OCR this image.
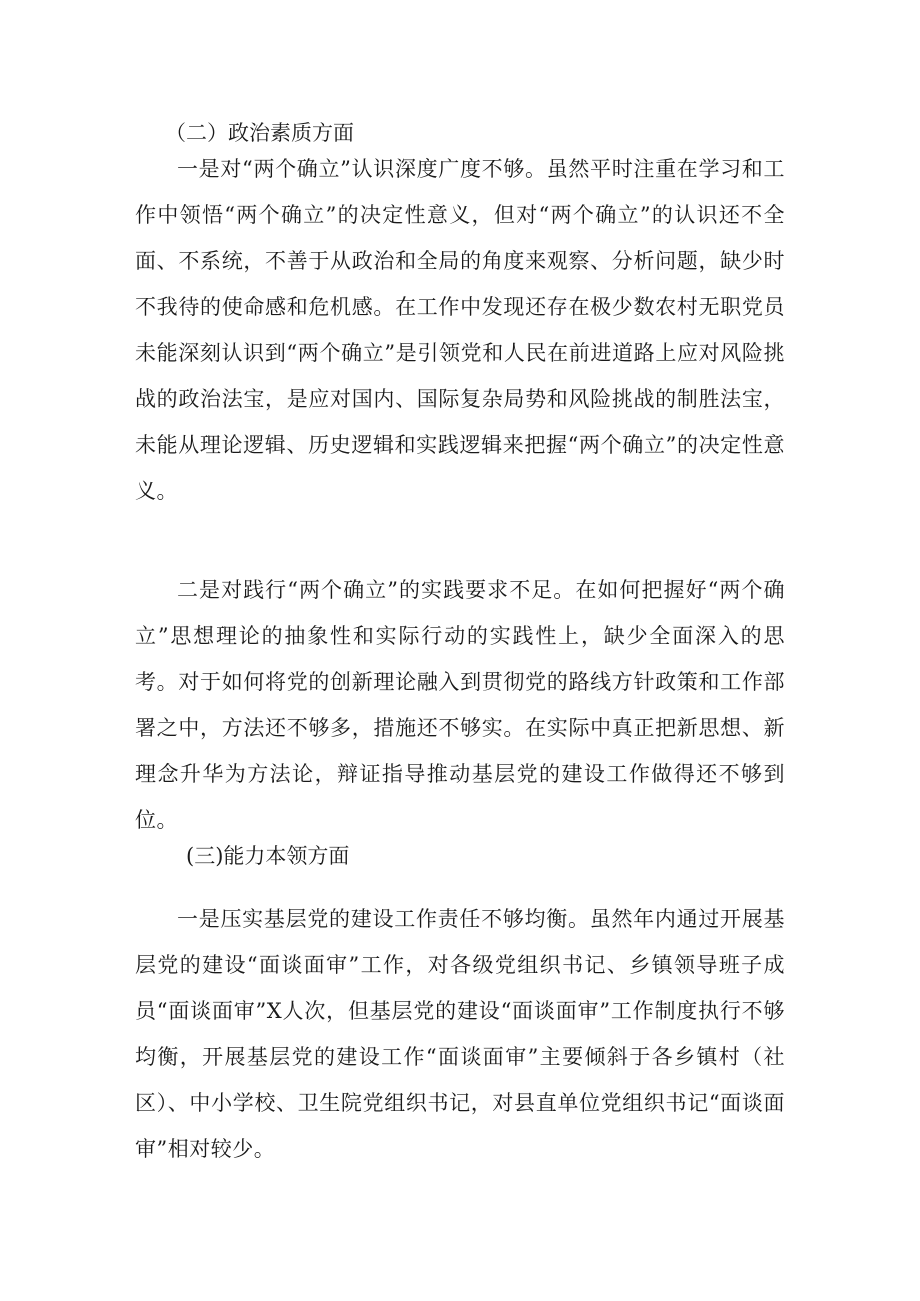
（二）政治素质方面

一是对“两个确立”认识深度广度不够。虽然平时注重在学习和工作中领悟“两个确立”的决定性意义，但对“两个确立”的认识还不全面、不系统，不善于从政治和全局的角度来观察、分析问题，缺少时不我待的使命感和危机感。在工作中发现还存在极少数农村无职党员未能深刻认识到“两个确立”是引领党和人民在前进道路上应对风险挑战的政治法宝，是应对国内、国际复杂局势和风险挑战的制胜法宝，未能从理论逻辑、历史逻辑和实践逻辑来把握“两个确立”的决定性意义。

二是对践行“两个确立”的实践要求不足。在如何把握好“两个确立”思想理论的抽象性和实际行动的实践性上，缺少全面深入的思考。对于如何将党的创新理论融入到贯彻党的路线方针政策和工作部署之中，方法还不够多，措施还不够实。在实际中真正把新思想、新理念升华为方法论，辩证指导推动基层党的建设工作做得还不够到位。

(三)能力本领方面

一是压实基层党的建设工作责任不够均衡。虽然年内通过开展基层党的建设“面谈面审”工作，对各级党组织书记、乡镇领导班子成员“面谈面审”X人次，但基层党的建设“面谈面审”工作制度执行不够均衡，开展基层党的建设工作“面谈面审”主要倾斜于各乡镇村（社区）、中小学校、卫生院党组织书记，对县直单位党组织书记“面谈面审”相对较少。
